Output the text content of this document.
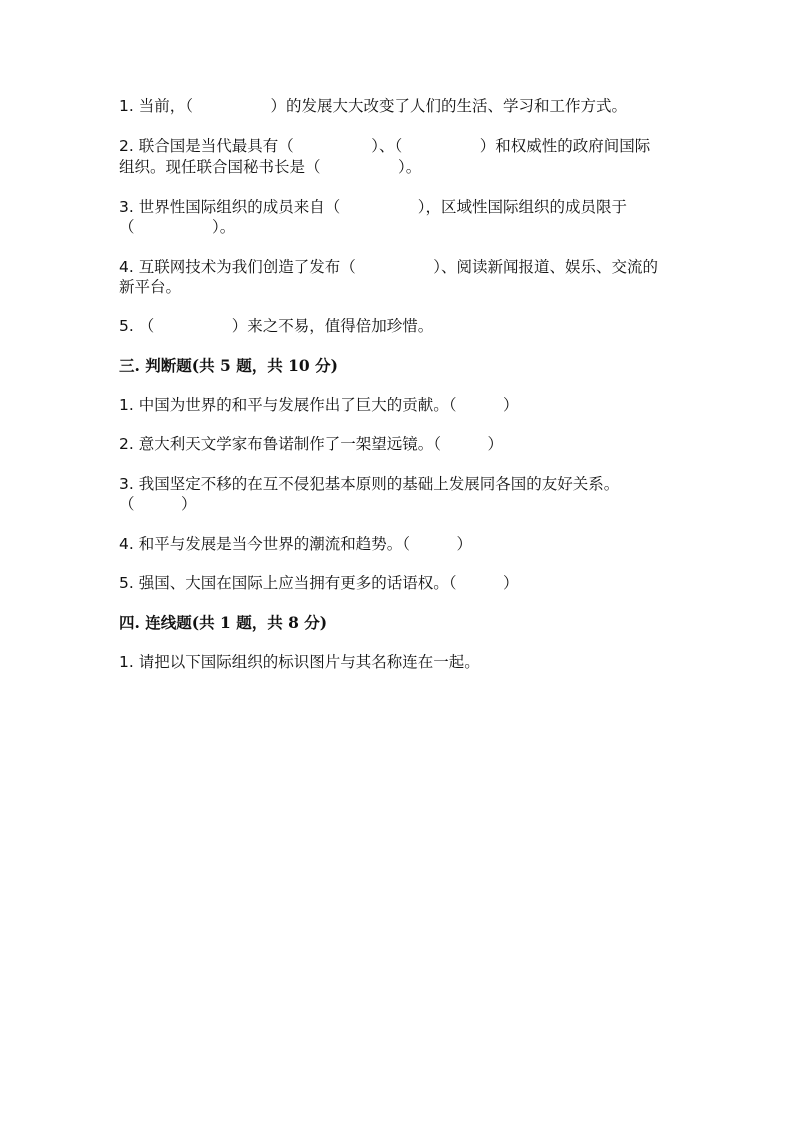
1. 当前，（　　　　　）的发展大大改变了人们的生活、学习和工作方式。
2. 联合国是当代最具有（　　　　　）、（　　　　　）和权威性的政府间国际
组织。现任联合国秘书长是（　　　　　）。
3. 世界性国际组织的成员来自（　　　　　），区域性国际组织的成员限于
（　　　　　）。
4. 互联网技术为我们创造了发布（　　　　　）、阅读新闻报道、娱乐、交流的
新平台。
5. （　　　　　）来之不易，值得倍加珍惜。
三. 判断题(共 5 题，共 10 分)
1. 中国为世界的和平与发展作出了巨大的贡献。（　　　）
2. 意大利天文学家布鲁诺制作了一架望远镜。（　　　）
3. 我国坚定不移的在互不侵犯基本原则的基础上发展同各国的友好关系。
（　　　）
4. 和平与发展是当今世界的潮流和趋势。（　　　）
5. 强国、大国在国际上应当拥有更多的话语权。（　　　）
四. 连线题(共 1 题，共 8 分)
1. 请把以下国际组织的标识图片与其名称连在一起。
